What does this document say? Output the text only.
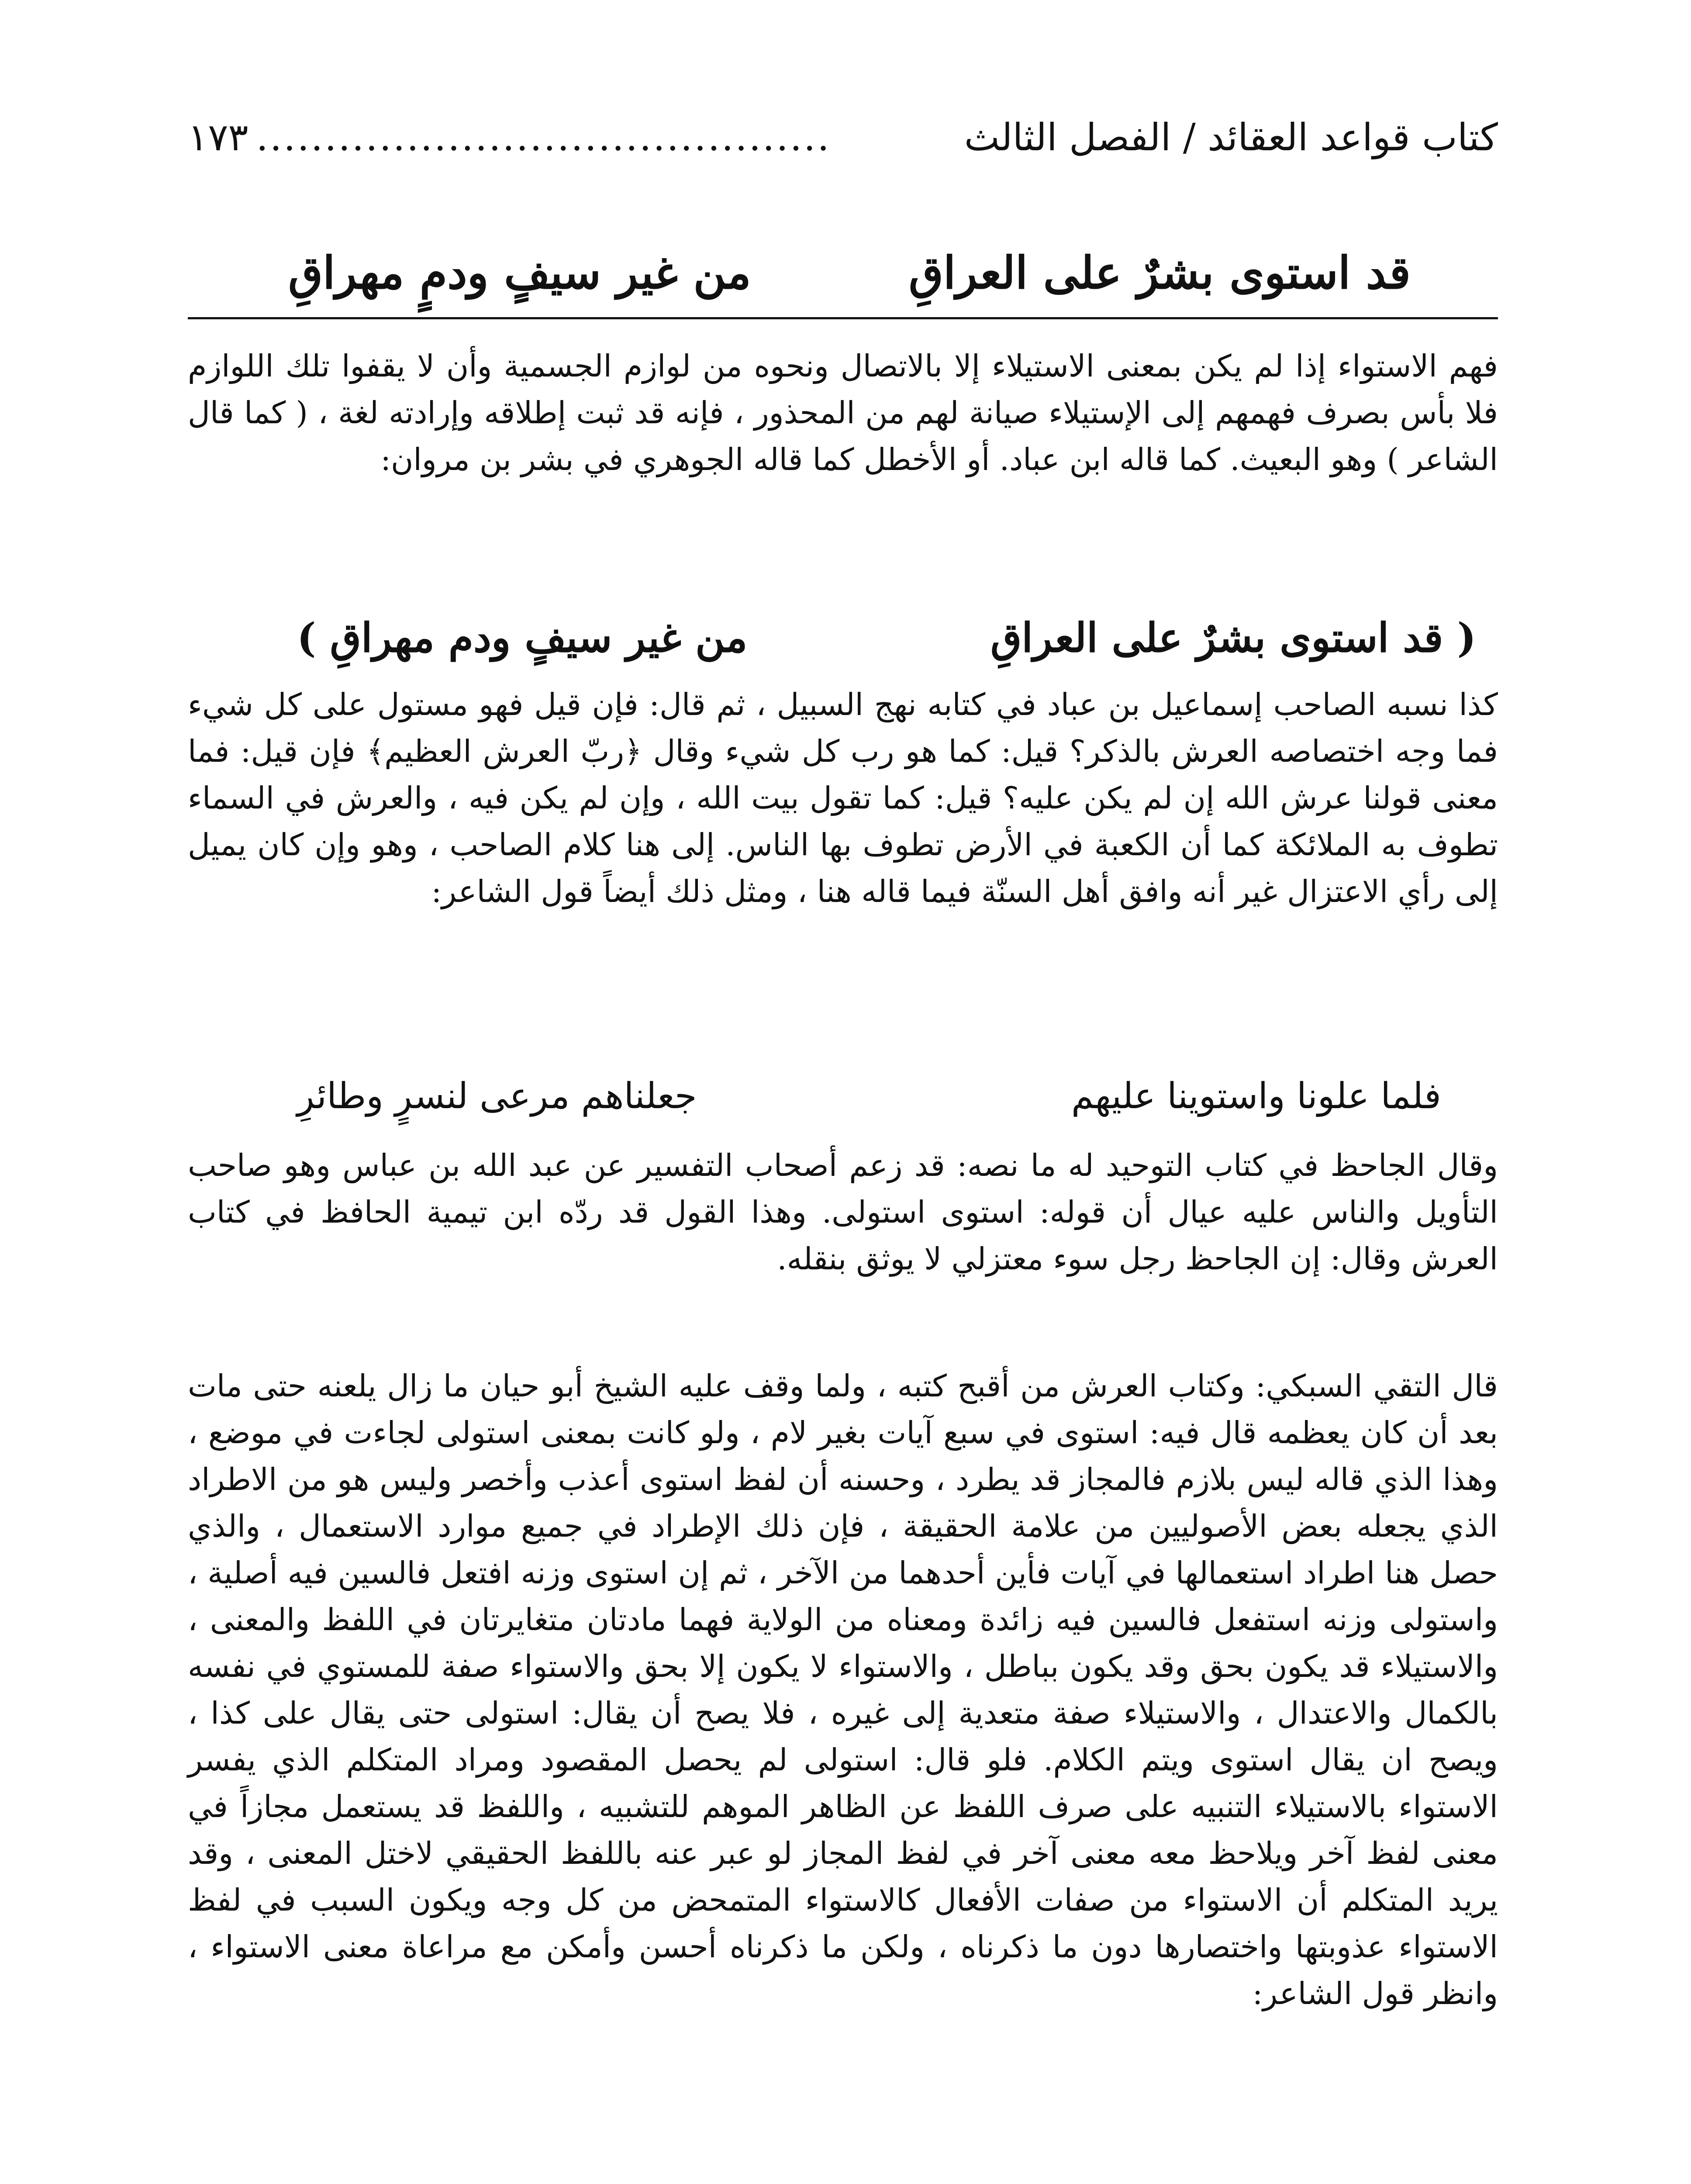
كتاب قواعد العقائد / الفصل الثالث
١٧٣ ..........................................
قد استوى بشرٌ على العراقِ
من غير سيفٍ ودمٍ مهراقِ

فهم الاستواء إذا لم يكن بمعنى الاستيلاء إلا بالاتصال ونحوه من لوازم الجسمية وأن لا يقفوا تلك اللوازم فلا بأس بصرف فهمهم إلى الإستيلاء صيانة لهم من المحذور ، فإنه قد ثبت إطلاقه وإرادته لغة ، ( كما قال الشاعر ) وهو البعيث. كما قاله ابن عباد. أو الأخطل كما قاله الجوهري في بشر بن مروان:

( قد استوى بشرٌ على العراقِ
من غير سيفٍ ودم مهراقِ )

كذا نسبه الصاحب إسماعيل بن عباد في كتابه نهج السبيل ، ثم قال: فإن قيل فهو مستول على كل شيء فما وجه اختصاصه العرش بالذكر؟ قيل: كما هو رب كل شيء وقال ﴿ربّ العرش العظيم﴾ فإن قيل: فما معنى قولنا عرش الله إن لم يكن عليه؟ قيل: كما تقول بيت الله ، وإن لم يكن فيه ، والعرش في السماء تطوف به الملائكة كما أن الكعبة في الأرض تطوف بها الناس. إلى هنا كلام الصاحب ، وهو وإن كان يميل إلى رأي الاعتزال غير أنه وافق أهل السنّة فيما قاله هنا ، ومثل ذلك أيضاً قول الشاعر:

فلما علونا واستوينا عليهم
جعلناهم مرعى لنسرٍ وطائرِ

وقال الجاحظ في كتاب التوحيد له ما نصه: قد زعم أصحاب التفسير عن عبد الله بن عباس وهو صاحب التأويل والناس عليه عيال أن قوله: استوى استولى. وهذا القول قد ردّه ابن تيمية الحافظ في كتاب العرش وقال: إن الجاحظ رجل سوء معتزلي لا يوثق بنقله.

قال التقي السبكي: وكتاب العرش من أقبح كتبه ، ولما وقف عليه الشيخ أبو حيان ما زال يلعنه حتى مات بعد أن كان يعظمه قال فيه: استوى في سبع آيات بغير لام ، ولو كانت بمعنى استولى لجاءت في موضع ، وهذا الذي قاله ليس بلازم فالمجاز قد يطرد ، وحسنه أن لفظ استوى أعذب وأخصر وليس هو من الاطراد الذي يجعله بعض الأصوليين من علامة الحقيقة ، فإن ذلك الإطراد في جميع موارد الاستعمال ، والذي حصل هنا اطراد استعمالها في آيات فأين أحدهما من الآخر ، ثم إن استوى وزنه افتعل فالسين فيه أصلية ، واستولى وزنه استفعل فالسين فيه زائدة ومعناه من الولاية فهما مادتان متغايرتان في اللفظ والمعنى ، والاستيلاء قد يكون بحق وقد يكون بباطل ، والاستواء لا يكون إلا بحق والاستواء صفة للمستوي في نفسه بالكمال والاعتدال ، والاستيلاء صفة متعدية إلى غيره ، فلا يصح أن يقال: استولى حتى يقال على كذا ، ويصح ان يقال استوى ويتم الكلام. فلو قال: استولى لم يحصل المقصود ومراد المتكلم الذي يفسر الاستواء بالاستيلاء التنبيه على صرف اللفظ عن الظاهر الموهم للتشبيه ، واللفظ قد يستعمل مجازاً في معنى لفظ آخر ويلاحظ معه معنى آخر في لفظ المجاز لو عبر عنه باللفظ الحقيقي لاختل المعنى ، وقد يريد المتكلم أن الاستواء من صفات الأفعال كالاستواء المتمحض من كل وجه ويكون السبب في لفظ الاستواء عذوبتها واختصارها دون ما ذكرناه ، ولكن ما ذكرناه أحسن وأمكن مع مراعاة معنى الاستواء ، وانظر قول الشاعر:
